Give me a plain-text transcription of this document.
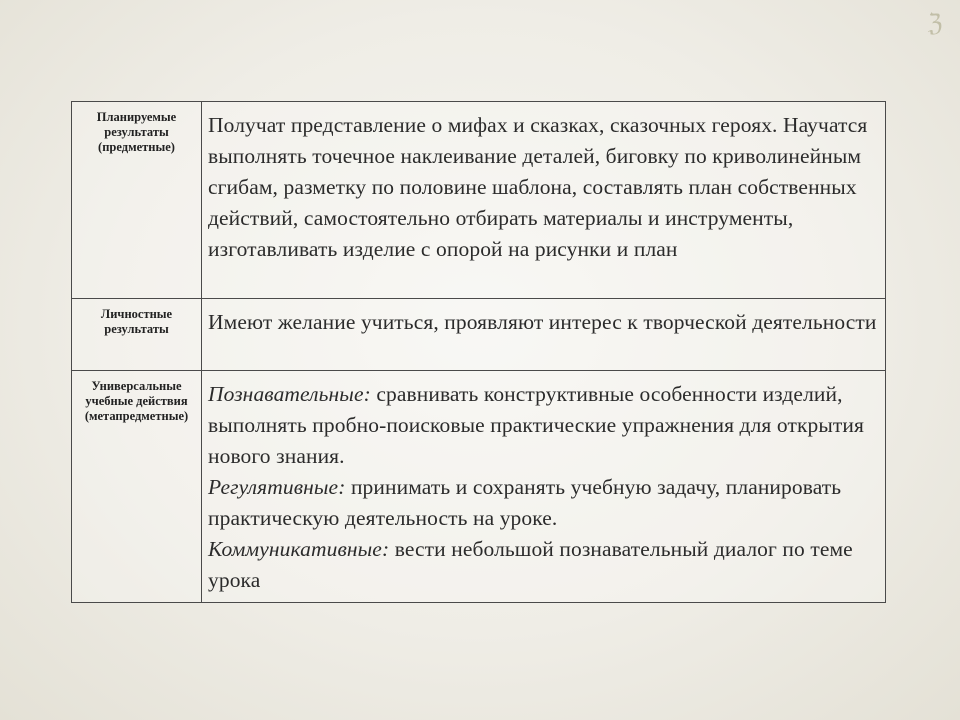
ℨ
Планируемые результаты (предметные)	Получат представление о мифах и сказках, сказочных героях. Научатся выполнять точечное наклеивание деталей, биговку по криволинейным сгибам, разметку по половине шаблона, составлять план собственных действий, самостоятельно отбирать материалы и инструменты, изготавливать изделие с опорой на рисунки и план
Личностные результаты	Имеют желание учиться, проявляют интерес к творческой деятельности
Универсальные учебные действия (метапредметные)	Познавательные: сравнивать конструктивные особенности изделий, выполнять пробно-поисковые практические упражнения для открытия нового знания.
Регулятивные: принимать и сохранять учебную задачу, планировать практическую деятельность на уроке.
Коммуникативные: вести небольшой познавательный диалог по теме урока
